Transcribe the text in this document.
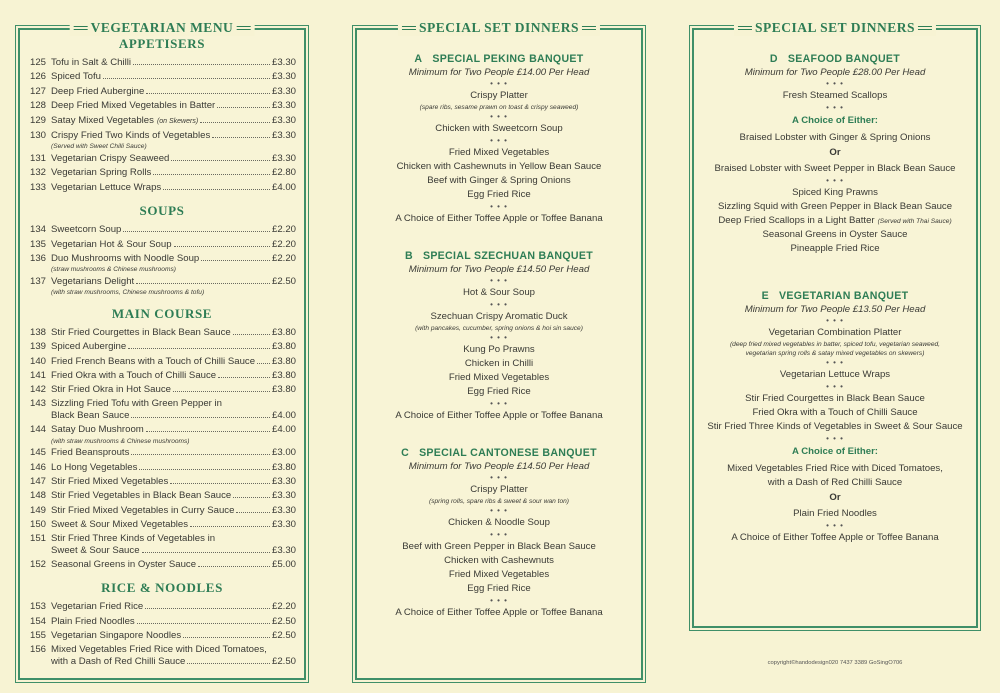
VEGETARIAN MENU
APPETISERS
125 Tofu in Salt & Chilli	£3.30
126 Spiced Tofu	£3.30
127 Deep Fried Aubergine	£3.30
128 Deep Fried Mixed Vegetables in Batter	£3.30
129 Satay Mixed Vegetables (on Skewers)	£3.30
130 Crispy Fried Two Kinds of Vegetables	£3.30
(Served with Sweet Chilli Sauce)
131 Vegetarian Crispy Seaweed	£3.30
132 Vegetarian Spring Rolls	£2.80
133 Vegetarian Lettuce Wraps	£4.00
SOUPS
134 Sweetcorn Soup	£2.20
135 Vegetarian Hot & Sour Soup	£2.20
136 Duo Mushrooms with Noodle Soup	£2.20
(straw mushrooms & Chinese mushrooms)
137 Vegetarians Delight	£2.50
(with straw mushrooms, Chinese mushrooms & tofu)
MAIN COURSE
138 Stir Fried Courgettes in Black Bean Sauce	£3.80
139 Spiced Aubergine	£3.80
140 Fried French Beans with a Touch of Chilli Sauce £3.80
141 Fried Okra with a Touch of Chilli Sauce	£3.80
142 Stir Fried Okra in Hot Sauce	£3.80
143 Sizzling Fried Tofu with Green Pepper in
Black Bean Sauce	£4.00
144 Satay Duo Mushroom	£4.00
(with straw mushrooms & Chinese mushrooms)
145 Fried Beansprouts	£3.00
146 Lo Hong Vegetables	£3.80
147 Stir Fried Mixed Vegetables	£3.30
148 Stir Fried Vegetables in Black Bean Sauce	£3.30
149 Stir Fried Mixed Vegetables in Curry Sauce	£3.30
150 Sweet & Sour Mixed Vegetables	£3.30
151 Stir Fried Three Kinds of Vegetables in
Sweet & Sour Sauce	£3.30
152 Seasonal Greens in Oyster Sauce	£5.00
RICE & NOODLES
153 Vegetarian Fried Rice	£2.20
154 Plain Fried Noodles	£2.50
155 Vegetarian Singapore Noodles	£2.50
156 Mixed Vegetables Fried Rice with Diced Tomatoes,
with a Dash of Red Chilli Sauce	£2.50
SPECIAL SET DINNERS
A SPECIAL PEKING BANQUET
Minimum for Two People £14.00 Per Head
• • •
Crispy Platter
(spare ribs, sesame prawn on toast & crispy seaweed)
• • •
Chicken with Sweetcorn Soup
• • •
Fried Mixed Vegetables
Chicken with Cashewnuts in Yellow Bean Sauce
Beef with Ginger & Spring Onions
Egg Fried Rice
• • •
A Choice of Either Toffee Apple or Toffee Banana
B SPECIAL SZECHUAN BANQUET
Minimum for Two People £14.50 Per Head
• • •
Hot & Sour Soup
• • •
Szechuan Crispy Aromatic Duck
(with pancakes, cucumber, spring onions & hoi sin sauce)
• • •
Kung Po Prawns
Chicken in Chilli
Fried Mixed Vegetables
Egg Fried Rice
• • •
A Choice of Either Toffee Apple or Toffee Banana
C SPECIAL CANTONESE BANQUET
Minimum for Two People £14.50 Per Head
• • •
Crispy Platter
(spring rolls, spare ribs & sweet & sour wan ton)
• • •
Chicken & Noodle Soup
• • •
Beef with Green Pepper in Black Bean Sauce
Chicken with Cashewnuts
Fried Mixed Vegetables
Egg Fried Rice
• • •
A Choice of Either Toffee Apple or Toffee Banana
SPECIAL SET DINNERS
D SEAFOOD BANQUET
Minimum for Two People £28.00 Per Head
• • •
Fresh Steamed Scallops
• • •
A Choice of Either:
Braised Lobster with Ginger & Spring Onions
Or
Braised Lobster with Sweet Pepper in Black Bean Sauce
• • •
Spiced King Prawns
Sizzling Squid with Green Pepper in Black Bean Sauce
Deep Fried Scallops in a Light Batter (Served with Thai Sauce)
Seasonal Greens in Oyster Sauce
Pineapple Fried Rice
E VEGETARIAN BANQUET
Minimum for Two People £13.50 Per Head
• • •
Vegetarian Combination Platter
(deep fried mixed vegetables in batter, spiced tofu, vegetarian seaweed,
vegetarian spring rolls & satay mixed vegetables on skewers)
• • •
Vegetarian Lettuce Wraps
• • •
Stir Fried Courgettes in Black Bean Sauce
Fried Okra with a Touch of Chilli Sauce
Stir Fried Three Kinds of Vegetables in Sweet & Sour Sauce
• • •
A Choice of Either:
Mixed Vegetables Fried Rice with Diced Tomatoes,
with a Dash of Red Chilli Sauce
Or
Plain Fried Noodles
• • •
A Choice of Either Toffee Apple or Toffee Banana
copyright©handodesign020 7437 3389 GoSingO706
